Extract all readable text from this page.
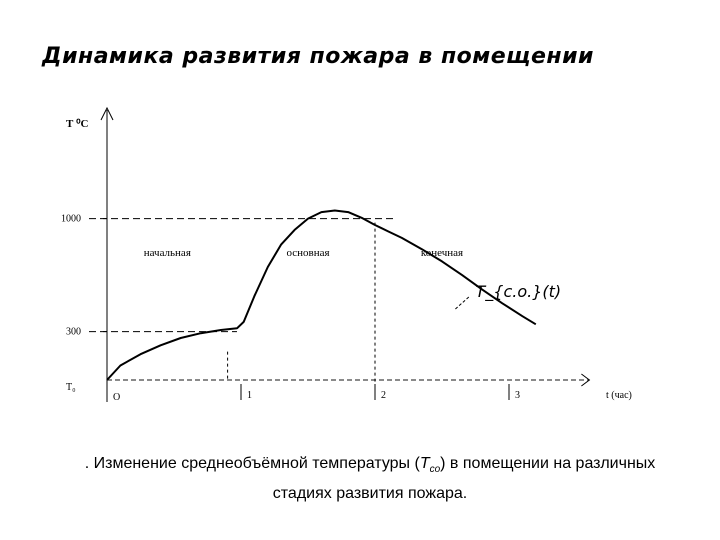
Динамика развития пожара в помещении
1000
300
1	2	3
T_{c.o.}(t)
начальная	основная	конечная
Т ⁰С
t (час)
T₀
O
. Изменение среднеобъёмной температуры $(T_{co})$ в помещении на различных стадиях развития пожара.
